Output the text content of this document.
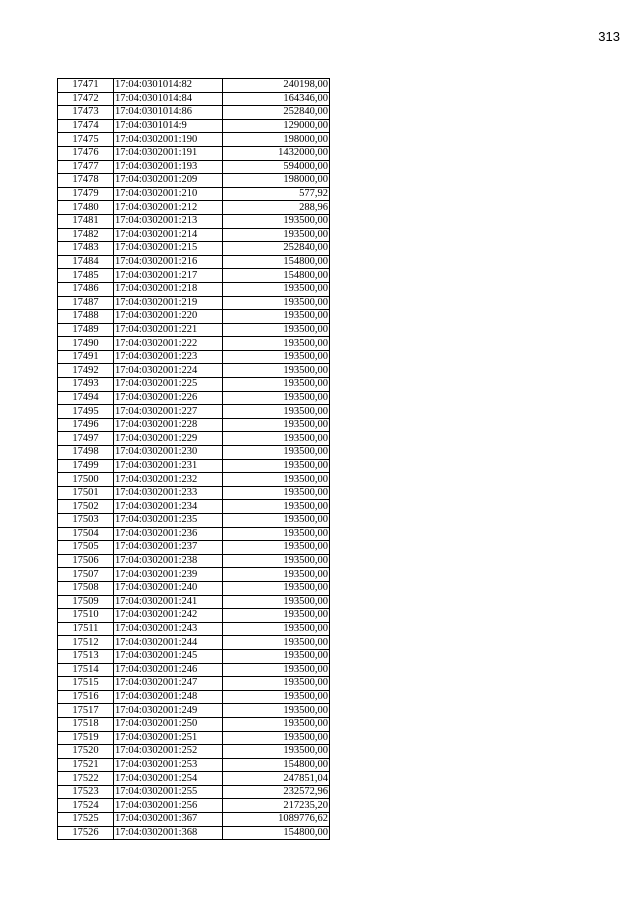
313
17471	17:04:0301014:82	240198,00
17472	17:04:0301014:84	164346,00
17473	17:04:0301014:86	252840,00
17474	17:04:0301014:9	129000,00
17475	17:04:0302001:190	198000,00
17476	17:04:0302001:191	1432000,00
17477	17:04:0302001:193	594000,00
17478	17:04:0302001:209	198000,00
17479	17:04:0302001:210	577,92
17480	17:04:0302001:212	288,96
17481	17:04:0302001:213	193500,00
17482	17:04:0302001:214	193500,00
17483	17:04:0302001:215	252840,00
17484	17:04:0302001:216	154800,00
17485	17:04:0302001:217	154800,00
17486	17:04:0302001:218	193500,00
17487	17:04:0302001:219	193500,00
17488	17:04:0302001:220	193500,00
17489	17:04:0302001:221	193500,00
17490	17:04:0302001:222	193500,00
17491	17:04:0302001:223	193500,00
17492	17:04:0302001:224	193500,00
17493	17:04:0302001:225	193500,00
17494	17:04:0302001:226	193500,00
17495	17:04:0302001:227	193500,00
17496	17:04:0302001:228	193500,00
17497	17:04:0302001:229	193500,00
17498	17:04:0302001:230	193500,00
17499	17:04:0302001:231	193500,00
17500	17:04:0302001:232	193500,00
17501	17:04:0302001:233	193500,00
17502	17:04:0302001:234	193500,00
17503	17:04:0302001:235	193500,00
17504	17:04:0302001:236	193500,00
17505	17:04:0302001:237	193500,00
17506	17:04:0302001:238	193500,00
17507	17:04:0302001:239	193500,00
17508	17:04:0302001:240	193500,00
17509	17:04:0302001:241	193500,00
17510	17:04:0302001:242	193500,00
17511	17:04:0302001:243	193500,00
17512	17:04:0302001:244	193500,00
17513	17:04:0302001:245	193500,00
17514	17:04:0302001:246	193500,00
17515	17:04:0302001:247	193500,00
17516	17:04:0302001:248	193500,00
17517	17:04:0302001:249	193500,00
17518	17:04:0302001:250	193500,00
17519	17:04:0302001:251	193500,00
17520	17:04:0302001:252	193500,00
17521	17:04:0302001:253	154800,00
17522	17:04:0302001:254	247851,04
17523	17:04:0302001:255	232572,96
17524	17:04:0302001:256	217235,20
17525	17:04:0302001:367	1089776,62
17526	17:04:0302001:368	154800,00
